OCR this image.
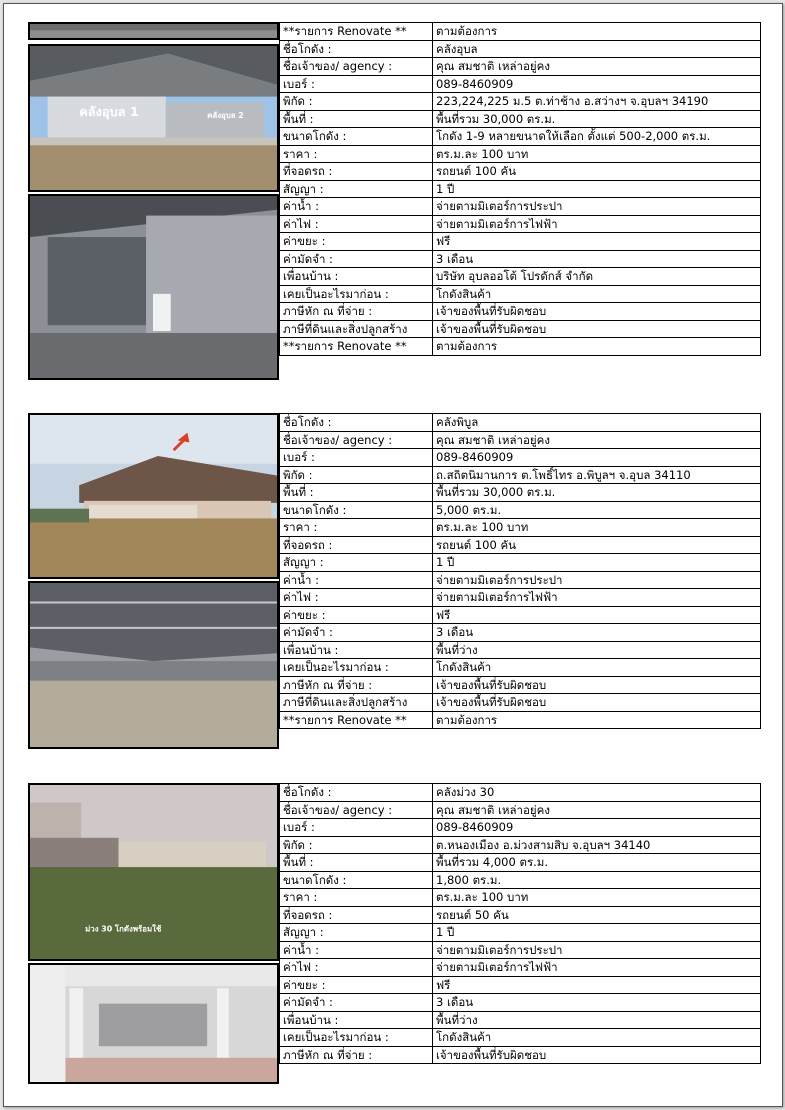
คลังอุบล 1	คลังอุบล 2
**รายการ Renovate **	ตามต้องการ
ชื่อโกดัง :	คลังอุบล
ชื่อเจ้าของ/ agency :	คุณ สมชาติ เหล่าอยู่คง
เบอร์ :	089-8460909
พิกัด :	223,224,225 ม.5 ต.ท่าช้าง อ.สว่างฯ จ.อุบลฯ 34190
พื้นที่ :	พื้นที่รวม 30,000 ตร.ม.
ขนาดโกดัง :	โกดัง 1-9 หลายขนาดให้เลือก ตั้งแต่ 500-2,000 ตร.ม.
ราคา :	ตร.ม.ละ 100 บาท
ที่จอดรถ :	รถยนต์ 100 คัน
สัญญา :	1 ปี
ค่าน้ำ :	จ่ายตามมิเตอร์การประปา
ค่าไฟ :	จ่ายตามมิเตอร์การไฟฟ้า
ค่าขยะ :	ฟรี
ค่ามัดจำ :	3 เดือน
เพื่อนบ้าน :	บริษัท อุบลออโต้ โปรดักส์ จำกัด
เคยเป็นอะไรมาก่อน :	โกดังสินค้า
ภาษีหัก ณ ที่จ่าย :	เจ้าของพื้นที่รับผิดชอบ
ภาษีที่ดินและสิ่งปลูกสร้าง	เจ้าของพื้นที่รับผิดชอบ
**รายการ Renovate **	ตามต้องการ
ชื่อโกดัง :	คลังพิบูล
ชื่อเจ้าของ/ agency :	คุณ สมชาติ เหล่าอยู่คง
เบอร์ :	089-8460909
พิกัด :	ถ.สถิตนิมานการ ต.โพธิ์ไทร อ.พิบูลฯ จ.อุบล 34110
พื้นที่ :	พื้นที่รวม 30,000 ตร.ม.
ขนาดโกดัง :	5,000 ตร.ม.
ราคา :	ตร.ม.ละ 100 บาท
ที่จอดรถ :	รถยนต์ 100 คัน
สัญญา :	1 ปี
ค่าน้ำ :	จ่ายตามมิเตอร์การประปา
ค่าไฟ :	จ่ายตามมิเตอร์การไฟฟ้า
ค่าขยะ :	ฟรี
ค่ามัดจำ :	3 เดือน
เพื่อนบ้าน :	พื้นที่ว่าง
เคยเป็นอะไรมาก่อน :	โกดังสินค้า
ภาษีหัก ณ ที่จ่าย :	เจ้าของพื้นที่รับผิดชอบ
ภาษีที่ดินและสิ่งปลูกสร้าง	เจ้าของพื้นที่รับผิดชอบ
**รายการ Renovate **	ตามต้องการ
ม่วง 30 โกดังพร้อมใช้
ชื่อโกดัง :	คลังม่วง 30
ชื่อเจ้าของ/ agency :	คุณ สมชาติ เหล่าอยู่คง
เบอร์ :	089-8460909
พิกัด :	ต.หนองเมือง อ.ม่วงสามสิบ จ.อุบลฯ 34140
พื้นที่ :	พื้นที่รวม 4,000 ตร.ม.
ขนาดโกดัง :	1,800 ตร.ม.
ราคา :	ตร.ม.ละ 100 บาท
ที่จอดรถ :	รถยนต์ 50 คัน
สัญญา :	1 ปี
ค่าน้ำ :	จ่ายตามมิเตอร์การประปา
ค่าไฟ :	จ่ายตามมิเตอร์การไฟฟ้า
ค่าขยะ :	ฟรี
ค่ามัดจำ :	3 เดือน
เพื่อนบ้าน :	พื้นที่ว่าง
เคยเป็นอะไรมาก่อน :	โกดังสินค้า
ภาษีหัก ณ ที่จ่าย :	เจ้าของพื้นที่รับผิดชอบ
